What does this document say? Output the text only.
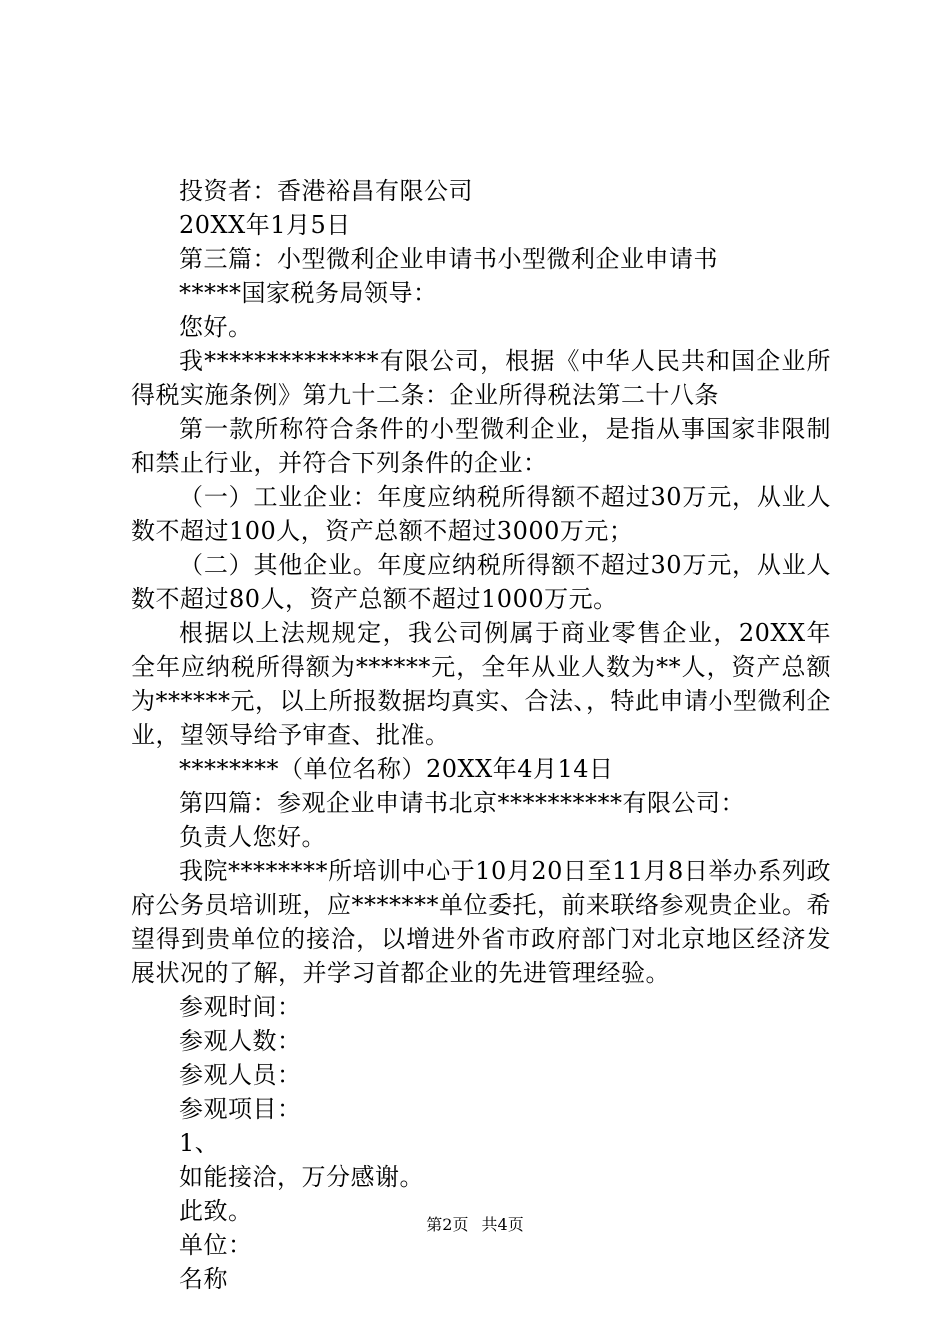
投资者：香港裕昌有限公司

20XX年1月5日

第三篇：小型微利企业申请书小型微利企业申请书

*****国家税务局领导：

您好。

我**************有限公司，根据《中华人民共和国企业所得税实施条例》第九十二条：企业所得税法第二十八条

第一款所称符合条件的小型微利企业，是指从事国家非限制和禁止行业，并符合下列条件的企业：

（一）工业企业：年度应纳税所得额不超过30万元，从业人数不超过100人，资产总额不超过3000万元；

（二）其他企业。年度应纳税所得额不超过30万元，从业人数不超过80人，资产总额不超过1000万元。

根据以上法规规定，我公司例属于商业零售企业，20XX年全年应纳税所得额为******元，全年从业人数为**人，资产总额为******元，以上所报数据均真实、合法、，特此申请小型微利企业，望领导给予审查、批准。

********（单位名称）20XX年4月14日

第四篇：参观企业申请书北京**********有限公司：

负责人您好。

我院********所培训中心于10月20日至11月8日举办系列政府公务员培训班，应*******单位委托，前来联络参观贵企业。希望得到贵单位的接洽，以增进外省市政府部门对北京地区经济发展状况的了解，并学习首都企业的先进管理经验。

参观时间：

参观人数：

参观人员：

参观项目：

1、

如能接洽，万分感谢。

此致。

单位：

名称

第2页 共4页
